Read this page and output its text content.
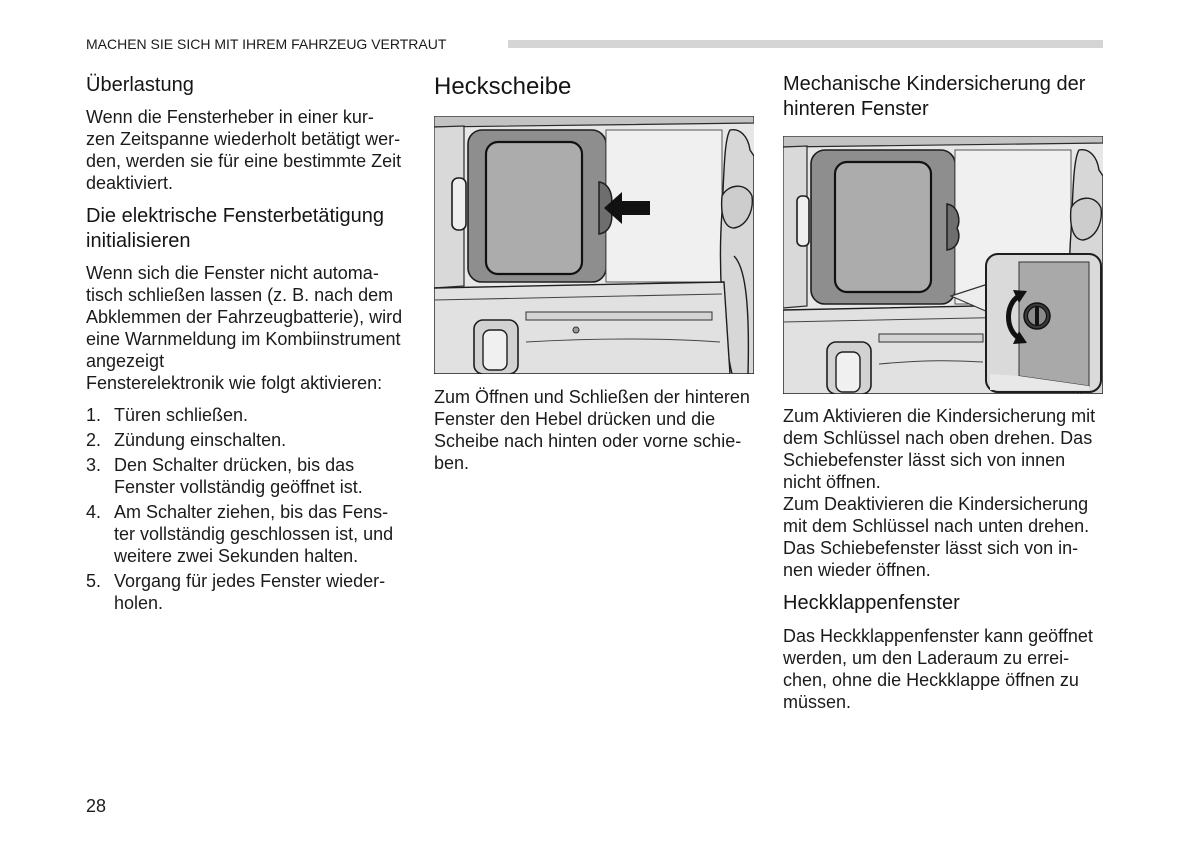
MACHEN SIE SICH MIT IHREM FAHRZEUG VERTRAUT
Überlastung

Wenn die Fensterheber in einer kur-
zen Zeitspanne wiederholt betätigt wer-
den, werden sie für eine bestimmte Zeit
deaktiviert.

Die elektrische Fensterbetätigung
initialisieren

Wenn sich die Fenster nicht automa-
tisch schließen lassen (z. B. nach dem
Abklemmen der Fahrzeugbatterie), wird
eine Warnmeldung im Kombiinstrument
angezeigt
Fensterelektronik wie folgt aktivieren:

1. Türen schließen.
2. Zündung einschalten.
3. Den Schalter drücken, bis das
Fenster vollständig geöffnet ist.
4. Am Schalter ziehen, bis das Fens-
ter vollständig geschlossen ist, und
weitere zwei Sekunden halten.
5. Vorgang für jedes Fenster wieder-
holen.
Heckscheibe

Zum Öffnen und Schließen der hinteren
Fenster den Hebel drücken und die
Scheibe nach hinten oder vorne schie-
ben.

Mechanische Kindersicherung der
hinteren Fenster

Zum Aktivieren die Kindersicherung mit
dem Schlüssel nach oben drehen. Das
Schiebefenster lässt sich von innen
nicht öffnen.
Zum Deaktivieren die Kindersicherung
mit dem Schlüssel nach unten drehen.
Das Schiebefenster lässt sich von in-
nen wieder öffnen.

Heckklappenfenster

Das Heckklappenfenster kann geöffnet
werden, um den Laderaum zu errei-
chen, ohne die Heckklappe öffnen zu
müssen.

28
